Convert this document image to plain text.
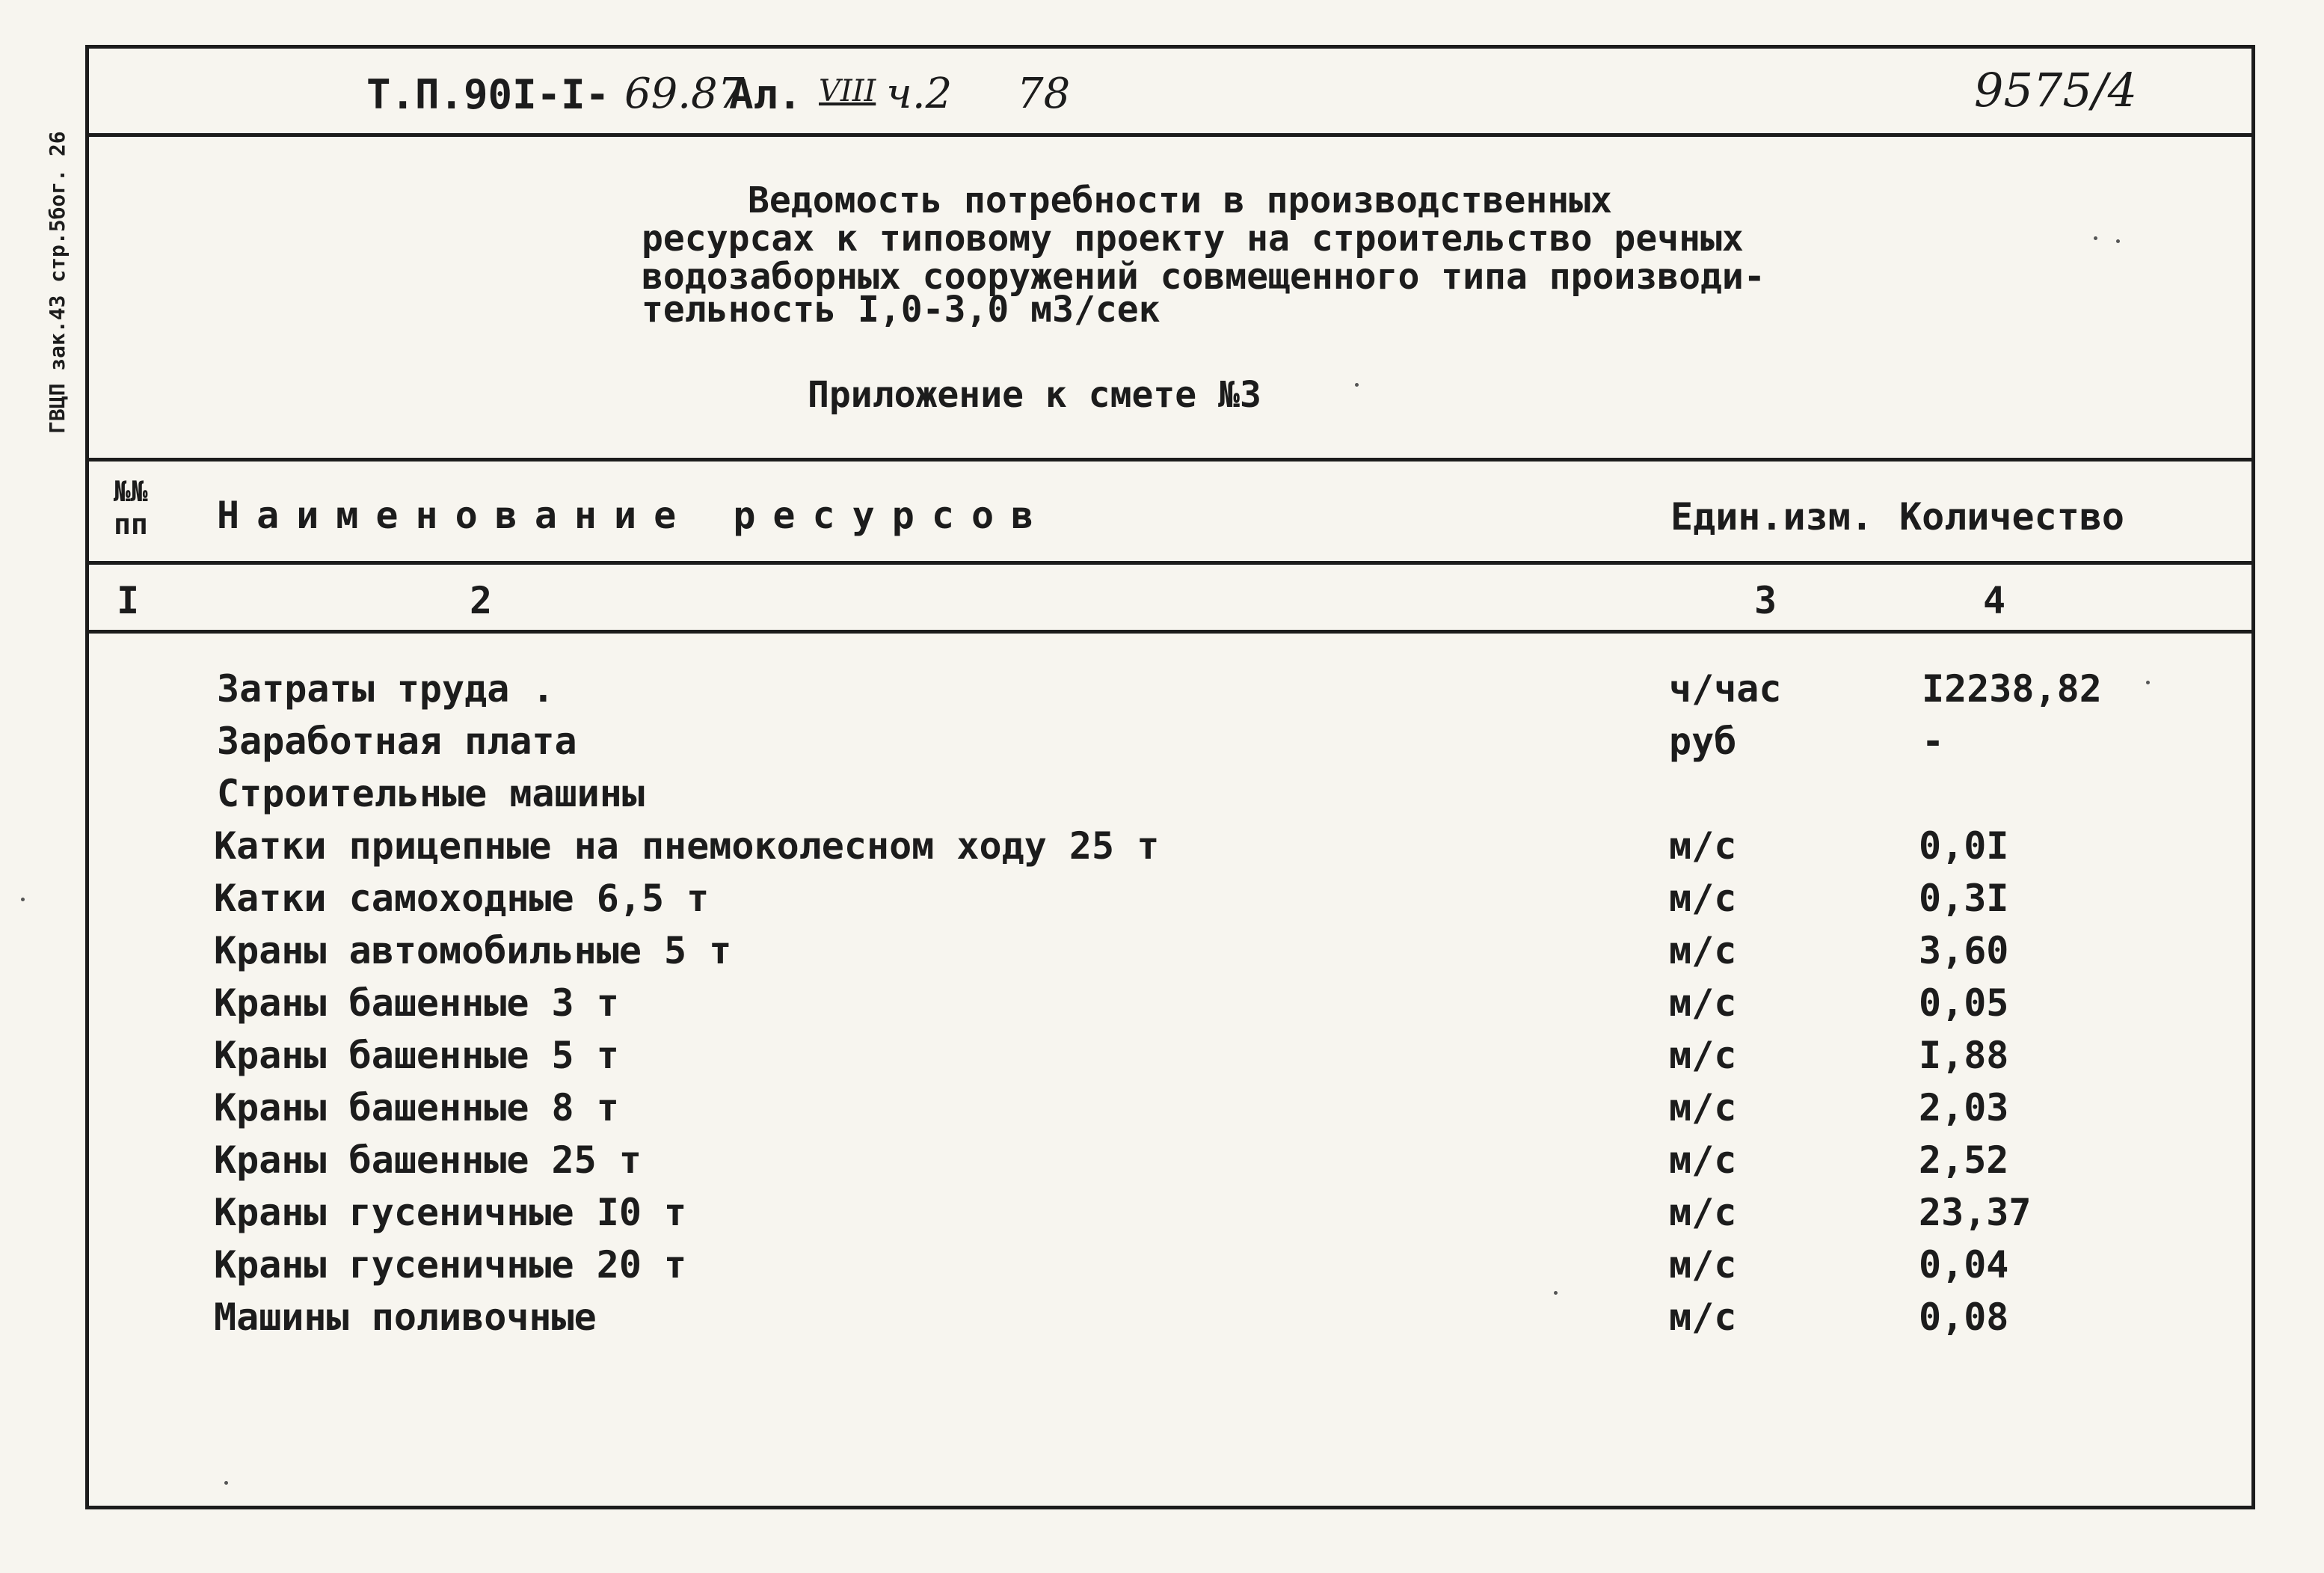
ГВЦП зак.43 стр.5бог. 26
Т.П.90I-I- 69.87
Ал. VIII ч.2 78	9575/4
Ведомость потребности в производственных
ресурсах к типовому проекту на строительство речных
водозаборных сооружений совмещенного типа производи-
тельность I,0-3,0 м3/сек
Приложение к смете №3
№№
пп Наименование ресурсов	Един.изм. Количество
I	2	3	4
Затраты труда .	ч/час	I2238,82
Заработная плата	руб	-
Строительные машины
Катки прицепные на пнемоколесном ходу 25 т	м/с	0,0I
Катки самоходные 6,5 т	м/с	0,3I
Краны автомобильные 5 т	м/с	3,60
Краны башенные 3 т	м/с	0,05
Краны башенные 5 т	м/с	I,88
Краны башенные 8 т	м/с	2,03
Краны башенные 25 т	м/с	2,52
Краны гусеничные I0 т	м/с	23,37
Краны гусеничные 20 т	м/с	0,04
Машины поливочные	м/с	0,08
